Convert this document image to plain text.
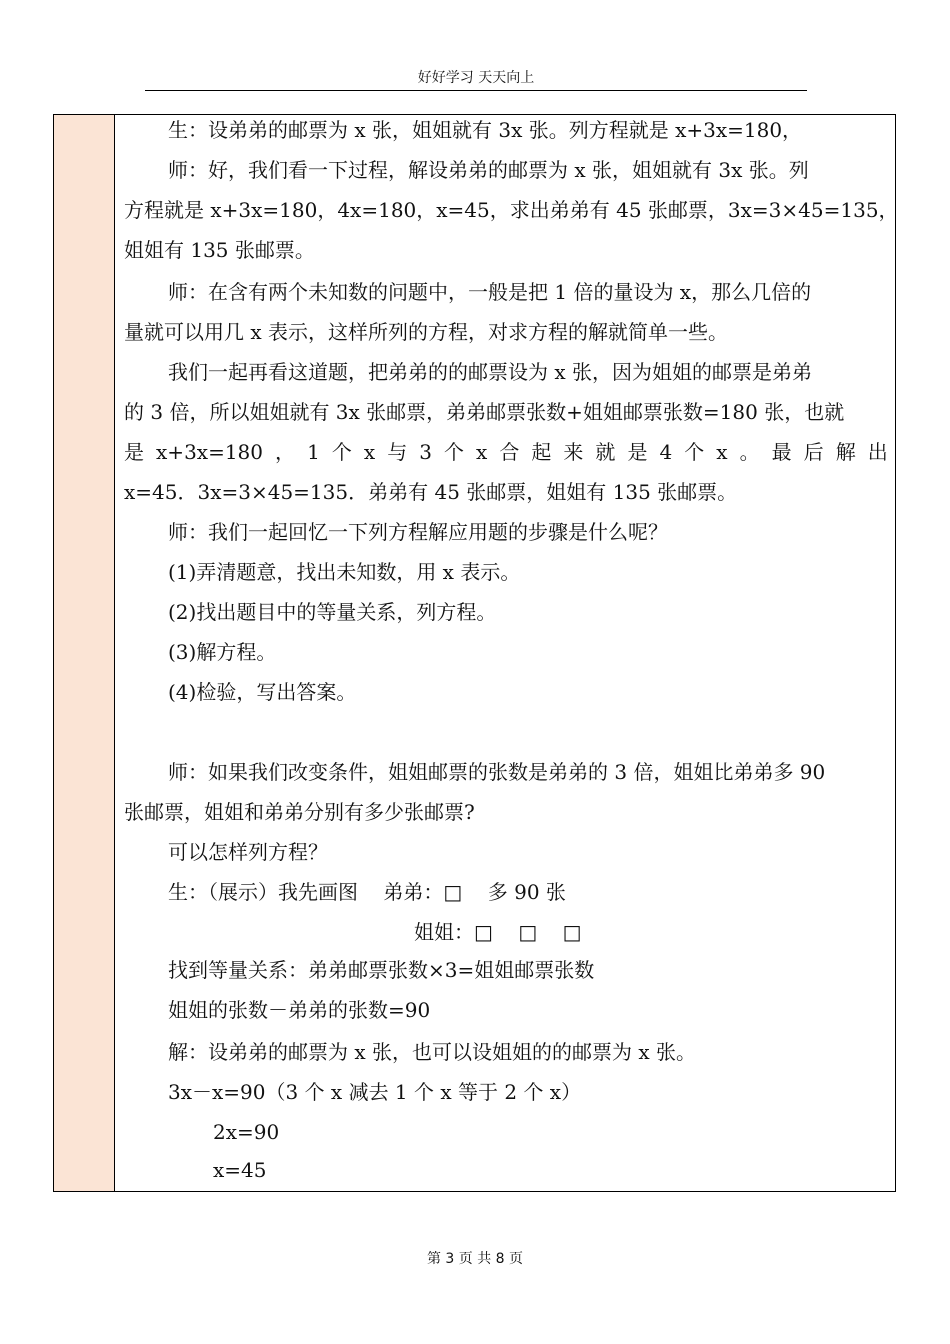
好好学习 天天向上
生：设弟弟的邮票为 x 张，姐姐就有 3x 张。列方程就是 x+3x=180，
师：好，我们看一下过程，解设弟弟的邮票为 x 张，姐姐就有 3x 张。列
方程就是 x+3x=180，4x=180，x=45，求出弟弟有 45 张邮票，3x=3×45=135，
姐姐有 135 张邮票。
师：在含有两个未知数的问题中，一般是把 1 倍的量设为 x，那么几倍的
量就可以用几 x 表示，这样所列的方程，对求方程的解就简单一些。
我们一起再看这道题，把弟弟的的邮票设为 x 张，因为姐姐的邮票是弟弟
的 3 倍，所以姐姐就有 3x 张邮票，弟弟邮票张数+姐姐邮票张数=180 张，也就
是 x+3x=180 ， 1 个 x 与 3 个 x 合 起 来 就 是 4 个 x 。 最 后 解 出
x=45．3x=3×45=135．弟弟有 45 张邮票，姐姐有 135 张邮票。
师：我们一起回忆一下列方程解应用题的步骤是什么呢？
(1)弄清题意，找出未知数，用 x 表示。
(2)找出题目中的等量关系，列方程。
(3)解方程。
(4)检验，写出答案。
师：如果我们改变条件，姐姐邮票的张数是弟弟的 3 倍，姐姐比弟弟多 90
张邮票，姐姐和弟弟分别有多少张邮票?
可以怎样列方程？
生：（展示）我先画图    弟弟：□    多 90 张
姐姐：□    □    □
找到等量关系：弟弟邮票张数×3=姐姐邮票张数
姐姐的张数－弟弟的张数=90
解：设弟弟的邮票为 x 张，也可以设姐姐的的邮票为 x 张。
3x－x=90（3 个 x 减去 1 个 x 等于 2 个 x）
2x=90
x=45
第 3 页 共 8 页
